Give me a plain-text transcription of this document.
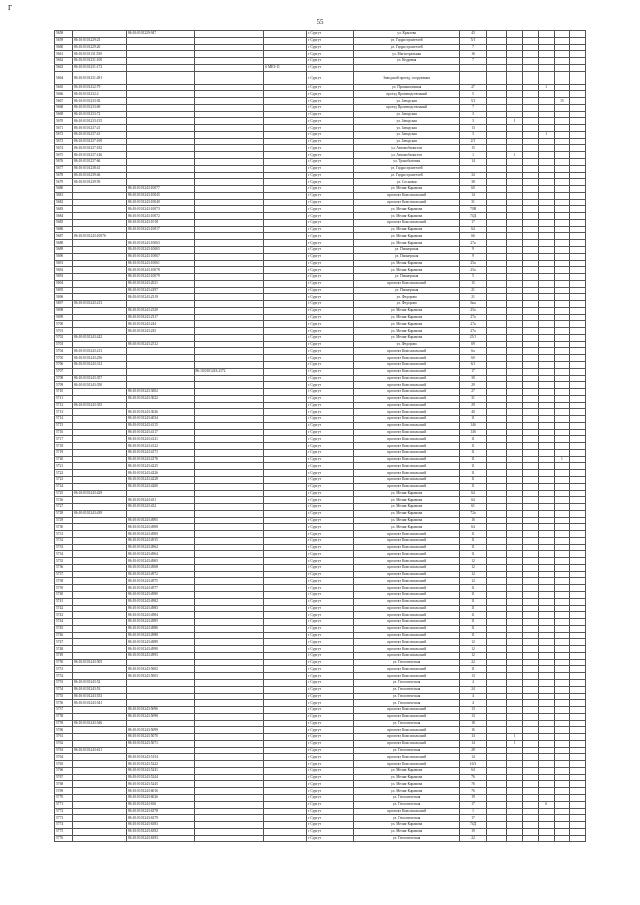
г
55
5658		86:10:0101229:947			г Сургут	ул. Крылова	43						
5659	86:10:0101229:23				г Сургут	ул. Гидростроителей	5/1						
5660	86:10:0101229:26				г Сургут	ул. Гидростроителей	7						
5661	86:10:0101131:550				г Сургут	ул. Магистральная	16						
5662	86:10:0101231:100				г Сургут	ул. Кедровая	7						
5663	86:10:0101231:172			6 МЕЗ-11	г Сургут								
5664	86:10:0101231:281				г Сургут	Заводской проезд, сооружения							
5665	86:10:0101232:79				г Сургут	ул. Промышленная	27				1		
5666	86:10:0101232:2				г Сургут	проезд Производственный	5						
5667	86:10:0101233:92				г Сургут	ул. Заводская	3/1					15	
5668	86:10:0101233:69				г Сургут	проезд Производственный	7						
5669	86:10:0101233:72				г Сургут	ул. Заводская	3						
5670	86:10:0101233:155				г Сургут	ул. Заводская	3		1				
5671	86:10:0101237:21				г Сургут	ул. Заводская	13						
5672	86:10:0101237:41				г Сургут	ул. Заводская	3				1		
5673	86:10:0101237:169				г Сургут	ул. Заводская	2/1						
5674	86:10:0101237:182				г Сургут	ул. Автомобилистов	15						
5675	86:10:0101237:146				г Сургут	ул. Автомобилистов	1		1				
5676	86:10:0101237:66				г Сургут	ул. Трансбытовая	14						
5677	86:10:0101238:41				г Сургут	ул. Гидростроителей							
5678	86:10:0101239:46				г Сургут	ул. Гидростроителей	34						
5679	86:10:0101239:59				г Сургут	ул. Сосновая	38						
5680		86:10:0101243:10077			г Сургут	ул. Мелик-Карамова	60						
5681		86:10:0101243:10045			г Сургут	проспект Комсомольский	14						
5682		86:10:0101243:10040			г Сургут	проспект Комсомольский	31						
5683		86:10:0101243:10073			г Сургут	ул. Мелик-Карамова	70В						
5684		86:10:0101243:10072			г Сургут	ул. Мелик-Карамова	74Д						
5685		86:10:0101243:1018			г Сургут	проспект Комсомольский	17						
5686		86:10:0101243:10017			г Сургут	ул. Мелик-Карамова	64						
5687	86:10:0101243:10076				г Сургут	ул. Мелик-Карамова	66						
5688		86:10:0101243:10063			г Сургут	ул. Мелик-Карамова	27а						
5689		86:10:0101243:10065			г Сургут	ул. Пионерская	9						
5690		86:10:0101243:10067			г Сургут	ул. Пионерская	9						
5691		86:10:0101243:10061			г Сургут	ул. Мелик-Карамова	25а						
5692		86:10:0101243:10078			г Сургут	ул. Мелик-Карамова	25а						
5693		86:10:0101243:10079			г Сургут	ул. Пионерская	5						
5694		86:10:0101243:2021			г Сургут	проспект Комсомольский	15						
5695		86:10:0101243:2297			г Сургут	ул. Пионерская	21						
5696		86:10:0101243:2319			г Сургут	ул. Федорова	21						
5697	86:10:0101243:213				г Сургут	ул. Федорова	6ка						
5698		86:10:0101243:2320			г Сургут	ул. Мелик-Карамова	25а						
5699		86:10:0101243:2317			г Сургут	ул. Мелик-Карамова	27а						
5700		86:10:0101243:244			г Сургут	ул. Мелик-Карамова	27а						
5701		86:10:0101243:245			г Сургут	ул. Мелик-Карамова	27а						
5702	86:10:0101243:242				г Сургут	ул. Мелик-Карамова	25/1						
5703		86:10:0101243:2312			г Сургут	ул. Федорова	69						
5704	86:10:0101243:213				г Сургут	проспект Комсомольский	6а						
5705	86:10:0101243:256				г Сургут	проспект Комсомольский	60						
5706	86:10:0101243:312				г Сургут	проспект Комсомольский	6/1						
5707			86:10:0101243:2372		г Сургут	проспект Комсомольский	17						
5708	86:10:0101243:357				г Сургут	проспект Комсомольский	30						
5709	86:10:0101243:350				г Сургут	проспект Комсомольский	29						
5710		86:10:0101243:3002			г Сургут	проспект Комсомольский	27						
5711		86:10:0101243:3022			г Сургут	проспект Комсомольский	31						
5712	86:10:0101243:355				г Сургут	проспект Комсомольский	29						
5713		86:10:0101243:3026			г Сургут	проспект Комсомольский	40						
5714		86:10:0101243:4034			г Сургут	проспект Комсомольский	11						
5715		86:10:0101243:4115			г Сургут	проспект Комсомольский	14б						
5716		86:10:0101243:4117			г Сургут	проспект Комсомольский	14б						
5717		86:10:0101243:4121			г Сургут	проспект Комсомольский	11						
5718		86:10:0101243:4122			г Сургут	проспект Комсомольский	11						
5719		86:10:0101243:4171			г Сургут	проспект Комсомольский	11						
5720		86:10:0101243:4176			г Сургут	проспект Комсомольский	11					1	
5721		86:10:0101243:4225			г Сургут	проспект Комсомольский	11						
5722		86:10:0101243:4226			г Сургут	проспект Комсомольский	11						
5723		86:10:0101243:4228			г Сургут	проспект Комсомольский	11						
5724		86:10:0101243:4260			г Сургут	проспект Комсомольский	11						
5725	86:10:0101243:429				г Сургут	ул. Мелик-Карамова	64						
5726		86:10:0101243:431			г Сургут	ул. Мелик-Карамова	64						
5727		86:10:0101243:432			г Сургут	ул. Мелик-Карамова	61						
5728	86:10:0101243:439				г Сургут	ул. Мелик-Карамова	72а						
5729		86:10:0101243:4905			г Сургут	ул. Мелик-Карамова	16						
5730		86:10:0101243:4908			г Сургут	ул. Мелик-Карамова	64						
5731		86:10:0101243:4909			г Сургут	проспект Комсомольский	11						
5732		86:10:0101243:4915			г Сургут	проспект Комсомольский	11						
5733		86:10:0101243:4962			г Сургут	проспект Комсомольский	11						
5734		86:10:0101243:4964			г Сургут	проспект Комсомольский	11						
5735		86:10:0101243:4965			г Сургут	проспект Комсомольский	12						
5736		86:10:0101243:4968			г Сургут	проспект Комсомольский	12						
5737		86:10:0101243:4972			г Сургут	проспект Комсомольский	12						
5738		86:10:0101243:4975			г Сургут	проспект Комсомольский	12						
5739		86:10:0101243:4977			г Сургут	проспект Комсомольский	11						
5740		86:10:0101243:4980			г Сургут	проспект Комсомольский	11						
5741		86:10:0101243:4982			г Сургут	проспект Комсомольский	11						
5742		86:10:0101243:4983			г Сургут	проспект Комсомольский	11						
5743		86:10:0101243:4984			г Сургут	проспект Комсомольский	11						
5744		86:10:0101243:4985			г Сургут	проспект Комсомольский	11						
5745		86:10:0101243:4986			г Сургут	проспект Комсомольский	11						
5746		86:10:0101243:4988			г Сургут	проспект Комсомольский	11						
5747		86:10:0101243:4989			г Сургут	проспект Комсомольский	12						
5748		86:10:0101243:4990			г Сургут	проспект Комсомольский	12						
5749		86:10:0101243:4993			г Сургут	проспект Комсомольский	12						
5750	86:10:0101243:505				г Сургут	ул. Геологическая	22						
5751		86:10:0101243:5002			г Сургут	проспект Комсомольский	11						
5752		86:10:0101243:5003			г Сургут	проспект Комсомольский	13						
5753	86:10:0101243:52				г Сургут	ул. Геологическая	4						
5754	86:10:0101243:53				г Сургут	ул. Геологическая	24						
5755	86:10:0101243:533				г Сургут	ул. Геологическая	4						
5756	86:10:0101243:541				г Сургут	ул. Геологическая	4						
5757		86:10:0101243:5096			г Сургут	проспект Комсомольский	13						
5758		86:10:0101243:5098			г Сургут	проспект Комсомольский	13						
5759	86:10:0101243:546				г Сургут	ул. Геологическая	18						
5760		86:10:0101243:5099			г Сургут	проспект Комсомольский	16						
5761		86:10:0101243:5070			г Сургут	проспект Комсомольский	14		1				
5762		86:10:0101243:5071			г Сургут	проспект Комсомольский	14		1				
5763	86:10:0101243:611				г Сургут	ул. Геологическая	28						
5764		86:10:0101243:5154			г Сургут	проспект Комсомольский	14						
5765		86:10:0101243:5222			г Сургут	проспект Комсомольский	16/3						
5766		86:10:0101243:5241			г Сургут	ул. Мелик-Карамова	64						
5767		86:10:0101243:5244			г Сургут	ул. Мелик-Карамова	76						
5768		86:10:0101243:5245			г Сургут	ул. Мелик-Карамова	76						
5769		86:10:0101243:6016			г Сургут	ул. Мелик-Карамова	76						
5770		86:10:0101243:6026			г Сургут	ул. Геологическая	19						
5771		86:10:0101243:636			г Сургут	ул. Геологическая	17				6		
5772		86:10:0101243:6378			г Сургут	проспект Комсомольский	1						
5773		86:10:0101243:6379			г Сургут	ул. Геологическая	17						
5774		86:10:0101243:6383			г Сургут	ул. Мелик-Карамова	74Д						
5775		86:10:0101243:6392			г Сургут	ул. Мелик-Карамова	19						
5776		86:10:0101243:6393			г Сургут	ул. Геологическая	22						
